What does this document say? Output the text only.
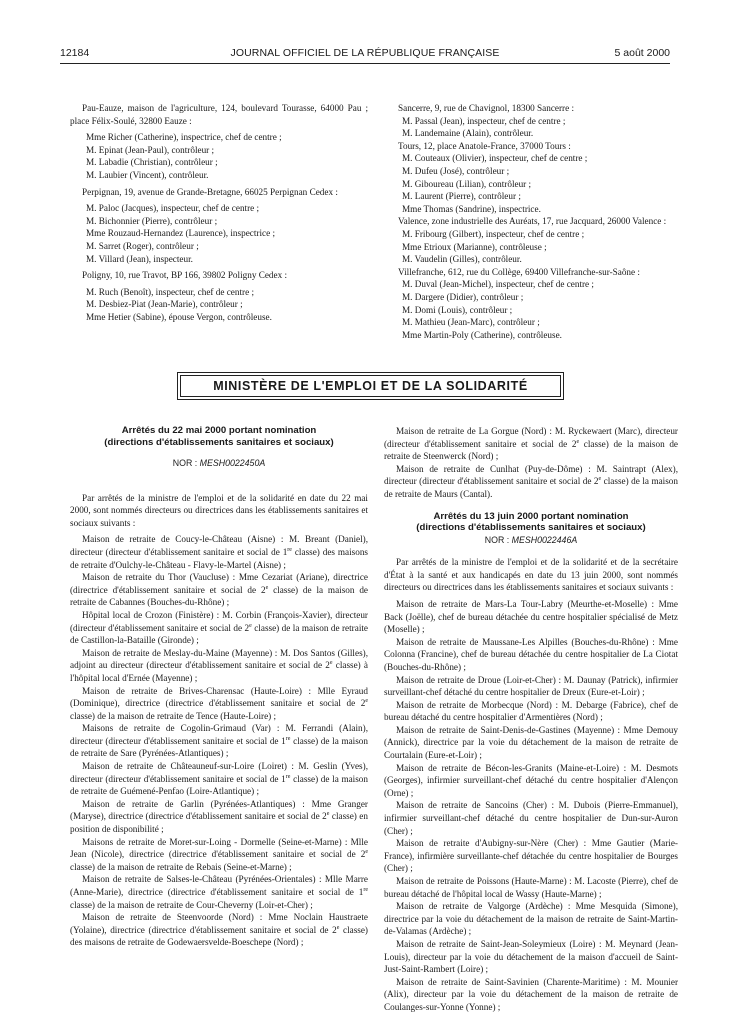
12184	JOURNAL OFFICIEL DE LA RÉPUBLIQUE FRANÇAISE	5 août 2000

Pau-Eauze, maison de l'agriculture, 124, boulevard Tourasse, 64000 Pau ; place Félix-Soulé, 32800 Eauze :

Mme Richer (Catherine), inspectrice, chef de centre ;

M. Epinat (Jean-Paul), contrôleur ;

M. Labadie (Christian), contrôleur ;

M. Laubier (Vincent), contrôleur.

Perpignan, 19, avenue de Grande-Bretagne, 66025 Perpignan Cedex :

M. Paloc (Jacques), inspecteur, chef de centre ;

M. Bichonnier (Pierre), contrôleur ;

Mme Rouzaud-Hernandez (Laurence), inspectrice ;

M. Sarret (Roger), contrôleur ;

M. Villard (Jean), inspecteur.

Poligny, 10, rue Travot, BP 166, 39802 Poligny Cedex :

M. Ruch (Benoît), inspecteur, chef de centre ;

M. Desbiez-Piat (Jean-Marie), contrôleur ;

Mme Hetier (Sabine), épouse Vergon, contrôleuse.

Sancerre, 9, rue de Chavignol, 18300 Sancerre :

M. Passal (Jean), inspecteur, chef de centre ;

M. Landemaine (Alain), contrôleur.

Tours, 12, place Anatole-France, 37000 Tours :

M. Couteaux (Olivier), inspecteur, chef de centre ;

M. Dufeu (José), contrôleur ;

M. Giboureau (Lilian), contrôleur ;

M. Laurent (Pierre), contrôleur ;

Mme Thomas (Sandrine), inspectrice.

Valence, zone industrielle des Auréats, 17, rue Jacquard, 26000 Valence :

M. Fribourg (Gilbert), inspecteur, chef de centre ;

Mme Etrioux (Marianne), contrôleuse ;

M. Vaudelin (Gilles), contrôleur.

Villefranche, 612, rue du Collège, 69400 Villefranche-sur-Saône :

M. Duval (Jean-Michel), inspecteur, chef de centre ;

M. Dargere (Didier), contrôleur ;

M. Domi (Louis), contrôleur ;

M. Mathieu (Jean-Marc), contrôleur ;

Mme Martin-Poly (Catherine), contrôleuse.

MINISTÈRE DE L'EMPLOI ET DE LA SOLIDARITÉ
Arrêtés du 22 mai 2000 portant nomination
(directions d'établissements sanitaires et sociaux)

NOR : MESH0022450A

Par arrêtés de la ministre de l'emploi et de la solidarité en date du 22 mai 2000, sont nommés directeurs ou directrices dans les établissements sanitaires et sociaux suivants :

Maison de retraite de Coucy-le-Château (Aisne) : M. Breant (Daniel), directeur (directeur d'établissement sanitaire et social de 1re classe) des maisons de retraite d'Oulchy-le-Château - Flavy-le-Martel (Aisne) ;

Maison de retraite du Thor (Vaucluse) : Mme Cezariat (Ariane), directrice (directrice d'établissement sanitaire et social de 2e classe) de la maison de retraite de Cabannes (Bouches-du-Rhône) ;

Hôpital local de Crozon (Finistère) : M. Corbin (François-Xavier), directeur (directeur d'établissement sanitaire et social de 2e classe) de la maison de retraite de Castillon-la-Bataille (Gironde) ;

Maison de retraite de Meslay-du-Maine (Mayenne) : M. Dos Santos (Gilles), adjoint au directeur (directeur d'établissement sanitaire et social de 2e classe) à l'hôpital local d'Ernée (Mayenne) ;

Maison de retraite de Brives-Charensac (Haute-Loire) : Mlle Eyraud (Dominique), directrice (directrice d'établissement sanitaire et social de 2e classe) de la maison de retraite de Tence (Haute-Loire) ;

Maisons de retraite de Cogolin-Grimaud (Var) : M. Ferrandi (Alain), directeur (directeur d'établissement sanitaire et social de 1re classe) de la maison de retraite de Sare (Pyrénées-Atlantiques) ;

Maison de retraite de Châteauneuf-sur-Loire (Loiret) : M. Geslin (Yves), directeur (directeur d'établissement sanitaire et social de 1re classe) de la maison de retraite de Guémené-Penfao (Loire-Atlantique) ;

Maison de retraite de Garlin (Pyrénées-Atlantiques) : Mme Granger (Maryse), directrice (directrice d'établissement sanitaire et social de 2e classe) en position de disponibilité ;

Maisons de retraite de Moret-sur-Loing - Dormelle (Seine-et-Marne) : Mlle Jean (Nicole), directrice (directrice d'établissement sanitaire et social de 2e classe) de la maison de retraite de Rebais (Seine-et-Marne) ;

Maison de retraite de Salses-le-Château (Pyrénées-Orientales) : Mlle Marre (Anne-Marie), directrice (directrice d'établissement sanitaire et social de 1re classe) de la maison de retraite de Cour-Cheverny (Loir-et-Cher) ;

Maison de retraite de Steenvoorde (Nord) : Mme Noclain Haustraete (Yolaine), directrice (directrice d'établissement sanitaire et social de 2e classe) des maisons de retraite de Godewaersvelde-Boeschepe (Nord) ;

Maison de retraite de La Gorgue (Nord) : M. Ryckewaert (Marc), directeur (directeur d'établissement sanitaire et social de 2e classe) de la maison de retraite de Steenwerck (Nord) ;

Maison de retraite de Cunlhat (Puy-de-Dôme) : M. Saintrapt (Alex), directeur (directeur d'établissement sanitaire et social de 2e classe) de la maison de retraite de Maurs (Cantal).

Arrêtés du 13 juin 2000 portant nomination
(directions d'établissements sanitaires et sociaux)

NOR : MESH0022446A

Par arrêtés de la ministre de l'emploi et de la solidarité et de la secrétaire d'État à la santé et aux handicapés en date du 13 juin 2000, sont nommés directeurs ou directrices dans les établissements sanitaires et sociaux suivants :

Maison de retraite de Mars-La Tour-Labry (Meurthe-et-Moselle) : Mme Back (Joëlle), chef de bureau détachée du centre hospitalier spécialisé de Metz (Moselle) ;

Maison de retraite de Maussane-Les Alpilles (Bouches-du-Rhône) : Mme Colonna (Francine), chef de bureau détachée du centre hospitalier de La Ciotat (Bouches-du-Rhône) ;

Maison de retraite de Droue (Loir-et-Cher) : M. Daunay (Patrick), infirmier surveillant-chef détaché du centre hospitalier de Dreux (Eure-et-Loir) ;

Maison de retraite de Morbecque (Nord) : M. Debarge (Fabrice), chef de bureau détaché du centre hospitalier d'Armentières (Nord) ;

Maison de retraite de Saint-Denis-de-Gastines (Mayenne) : Mme Demouy (Annick), directrice par la voie du détachement de la maison de retraite de Courtalain (Eure-et-Loir) ;

Maison de retraite de Bécon-les-Granits (Maine-et-Loire) : M. Desmots (Georges), infirmier surveillant-chef détaché du centre hospitalier d'Alençon (Orne) ;

Maison de retraite de Sancoins (Cher) : M. Dubois (Pierre-Emmanuel), infirmier surveillant-chef détaché du centre hospitalier de Dun-sur-Auron (Cher) ;

Maison de retraite d'Aubigny-sur-Nère (Cher) : Mme Gautier (Marie-France), infirmière surveillante-chef détachée du centre hospitalier de Bourges (Cher) ;

Maison de retraite de Poissons (Haute-Marne) : M. Lacoste (Pierre), chef de bureau détaché de l'hôpital local de Wassy (Haute-Marne) ;

Maison de retraite de Valgorge (Ardèche) : Mme Mesquida (Simone), directrice par la voie du détachement de la maison de retraite de Saint-Martin-de-Valamas (Ardèche) ;

Maison de retraite de Saint-Jean-Soleymieux (Loire) : M. Meynard (Jean-Louis), directeur par la voie du détachement de la maison d'accueil de Saint-Just-Saint-Rambert (Loire) ;

Maison de retraite de Saint-Savinien (Charente-Maritime) : M. Mounier (Alix), directeur par la voie du détachement de la maison de retraite de Coulanges-sur-Yonne (Yonne) ;
